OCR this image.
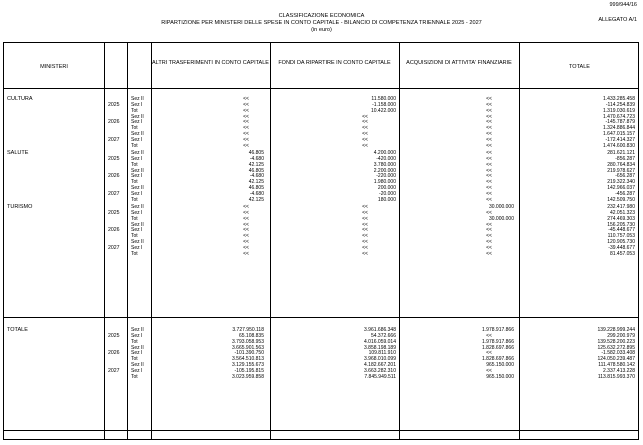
999/944/16
CLASSIFICAZIONE ECONOMICA
RIPARTIZIONE PER MINISTERI DELLE SPESE IN CONTO CAPITALE - BILANCIO DI COMPETENZA TRIENNALE 2025 - 2027
(in euro)
ALLEGATO A/1
MINISTERI
ALTRI TRASFERIMENTI IN CONTO CAPITALE	FONDI DA RIPARTIRE IN CONTO CAPITALE	ACQUISIZIONI DI ATTIVITA' FINANZIARIE
TOTALE
CULTURA
2025
Sez II	<<	11.580.000	<<	1.433.285.458
Sez I	<<	-1.158.000	<<	-114.254.839
Tot	<<	10.422.000	<<	1.319.030.619
2026
Sez II	<<	<<	<<	1.470.674.723
Sez I	<<	<<	<<	-145.787.879
Tot	<<	<<	<<	1.324.886.844
2027
Sez II	<<	<<	<<	1.647.015.157
Sez I	<<	<<	<<	-172.414.327
Tot	<<	<<	<<	1.474.600.830
SALUTE
2025
Sez II	46.805	4.200.000	<<	281.621.121
Sez I	-4.680	-420.000	<<	-856.287
Tot	42.125	3.780.000	<<	280.764.834
2026
Sez II	46.805	2.200.000	<<	219.978.627
Sez I	-4.680	-220.000	<<	-656.287
Tot	42.125	1.980.000	<<	219.322.340
2027
Sez II	46.805	200.000	<<	142.966.037
Sez I	-4.680	-20.000	<<	-456.287
Tot	42.125	180.000	<<	142.509.750
TURISMO
2025
Sez II	<<	<<	30.000.000	232.417.980
Sez I	<<	<<	<<	42.051.323
Tot	<<	<<	30.000.000	274.469.303
2026
Sez II	<<	<<	<<	156.205.730
Sez I	<<	<<	<<	-45.448.677
Tot	<<	<<	<<	110.757.053
2027
Sez II	<<	<<	<<	120.905.730
Sez I	<<	<<	<<	-39.448.677
Tot	<<	<<	<<	81.457.053
TOTALE
2025
Sez II	3.727.950.118	3.961.686.348	1.978.917.866	139.228.999.244
Sez I	65.108.835	54.372.666	<<	299.200.979
Tot	3.793.058.953	4.016.059.014	1.978.917.866	139.528.200.223
2026
Sez II	3.665.901.563	3.858.198.189	1.828.697.866	125.632.272.895
Sez I	-101.390.750	109.811.910	<<	-1.582.033.408
Tot	3.564.510.813	3.968.010.099	1.828.697.866	124.050.239.487
2027
Sez II	3.129.155.673	4.182.667.201	965.150.000	111.478.580.142
Sez I	-105.195.815	3.663.282.310	<<	2.337.413.228
Tot	3.023.959.858	7.845.949.511	965.150.000	113.815.993.370
